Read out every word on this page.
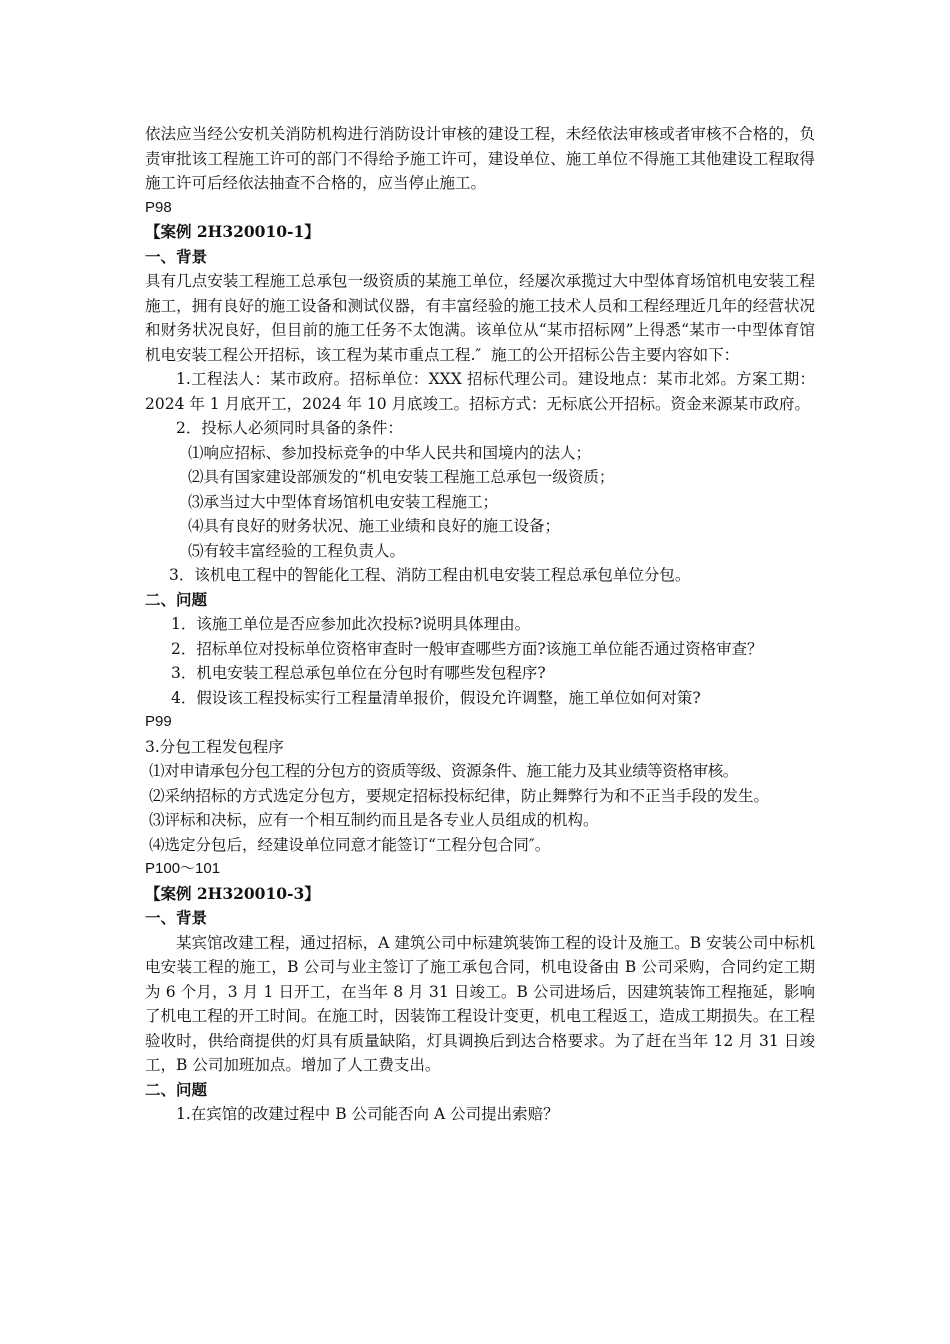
依法应当经公安机关消防机构进行消防设计审核的建设工程，未经依法审核或者审核不合格的，负责审批该工程施工许可的部门不得给予施工许可，建设单位、施工单位不得施工其他建设工程取得施工许可后经依法抽查不合格的，应当停止施工。

P98

【案例 2H320010-1】

一、背景

具有几点安装工程施工总承包一级资质的某施工单位，经屡次承揽过大中型体育场馆机电安装工程施工，拥有良好的施工设备和测试仪器，有丰富经验的施工技术人员和工程经理近几年的经营状况和财务状况良好，但目前的施工任务不太饱满。该单位从“某市招标网”上得悉“某市一中型体育馆机电安装工程公开招标，该工程为某市重点工程.″  施工的公开招标公告主要内容如下：

1.工程法人：某市政府。招标单位：XXX 招标代理公司。建设地点：某市北郊。方案工期：2024 年 1 月底开工，2024 年 10 月底竣工。招标方式：无标底公开招标。资金来源某市政府。

2．投标人必须同时具备的条件：

⑴响应招标、参加投标竞争的中华人民共和国境内的法人；

⑵具有国家建设部颁发的“机电安装工程施工总承包一级资质；

⑶承当过大中型体育场馆机电安装工程施工；

⑷具有良好的财务状况、施工业绩和良好的施工设备；

⑸有较丰富经验的工程负责人。

3．该机电工程中的智能化工程、消防工程由机电安装工程总承包单位分包。

二、问题

1．该施工单位是否应参加此次投标?说明具体理由。

2．招标单位对投标单位资格审查时一般审查哪些方面?该施工单位能否通过资格审查？

3．机电安装工程总承包单位在分包时有哪些发包程序?

4．假设该工程投标实行工程量清单报价，假设允许调整，施工单位如何对策?

P99

3.分包工程发包程序

⑴对申请承包分包工程的分包方的资质等级、资源条件、施工能力及其业绩等资格审核。

⑵采纳招标的方式选定分包方，要规定招标投标纪律，防止舞弊行为和不正当手段的发生。

⑶评标和决标，应有一个相互制约而且是各专业人员组成的机构。

⑷选定分包后，经建设单位同意才能签订“工程分包合同″。

P100～101

【案例 2H320010-3】

一、背景

某宾馆改建工程，通过招标，A 建筑公司中标建筑装饰工程的设计及施工。B 安装公司中标机电安装工程的施工，B 公司与业主签订了施工承包合同，机电设备由 B 公司采购，合同约定工期为 6 个月，3 月 1 日开工，在当年 8 月 31 日竣工。B 公司进场后，因建筑装饰工程拖延，影响了机电工程的开工时间。在施工时，因装饰工程设计变更，机电工程返工，造成工期损失。在工程验收时，供给商提供的灯具有质量缺陷，灯具调换后到达合格要求。为了赶在当年 12 月 31 日竣工，B 公司加班加点。增加了人工费支出。

二、问题

1.在宾馆的改建过程中 B 公司能否向 A 公司提出索赔？
